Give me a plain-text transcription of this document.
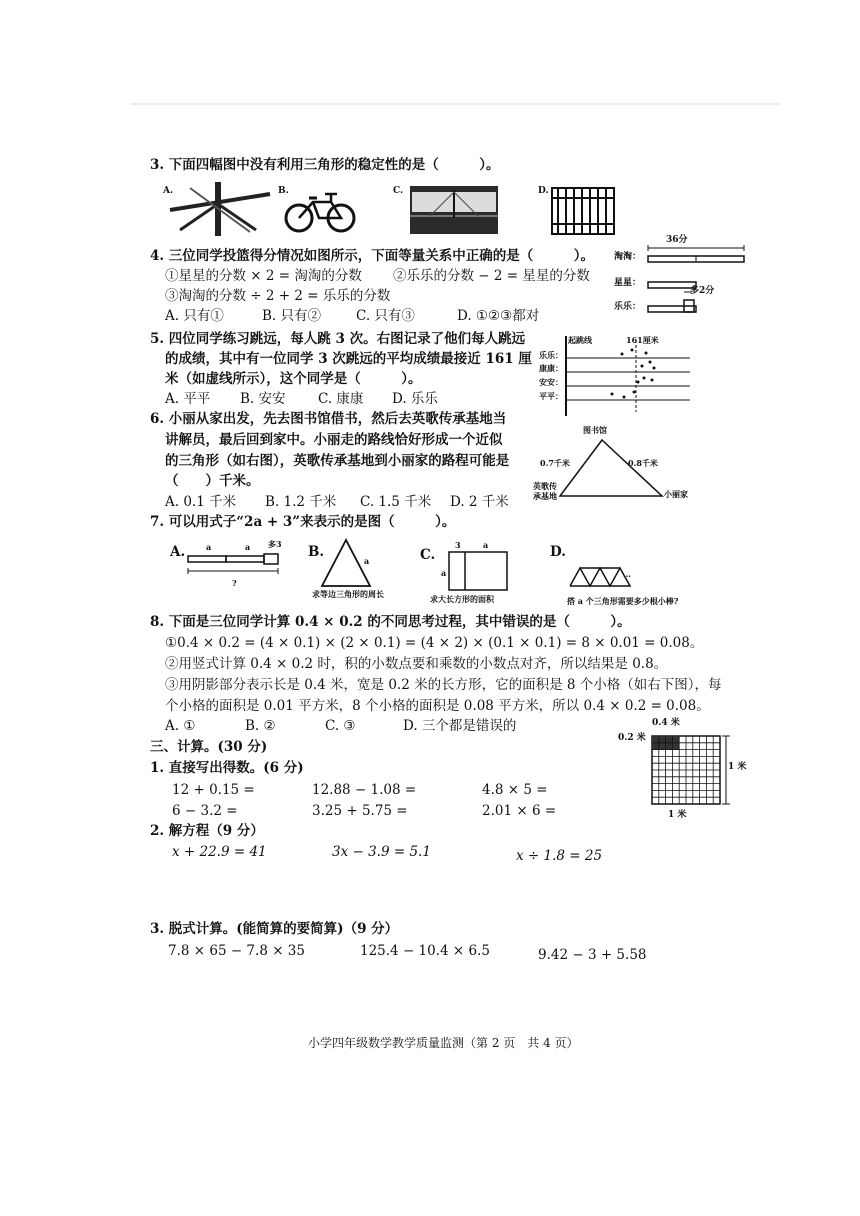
3. 下面四幅图中没有利用三角形的稳定性的是（　　　）。
A.	B.	C.	D.
4. 三位同学投篮得分情况如图所示，下面等量关系中正确的是（　　　）。
①星星的分数 × 2 = 淘淘的分数 ②乐乐的分数 − 2 = 星星的分数
③淘淘的分数 ÷ 2 + 2 = 乐乐的分数
A. 只有①	B. 只有②	C. 只有③	D. ①②③都对
36分
淘淘：
星星：
乐乐：
多2分
5. 四位同学练习跳远，每人跳 3 次。右图记录了他们每人跳远
的成绩，其中有一位同学 3 次跳远的平均成绩最接近 161 厘
米（如虚线所示），这个同学是（　　　）。
A. 平平 B. 安安 C. 康康 D. 乐乐
起跳线	161厘米
乐乐：
康康：
安安：
平平：
6. 小丽从家出发，先去图书馆借书，然后去英歌传承基地当
讲解员，最后回到家中。小丽走的路线恰好形成一个近似
的三角形（如右图），英歌传承基地到小丽家的路程可能是
（　　）千米。
A. 0.1 千米 B. 1.2 千米 C. 1.5 千米 D. 2 千米
图书馆
0.7千米	0.8千米
英歌传
承基地	小丽家
7. 可以用式子“2a + 3”来表示的是图（　　　）。
A.	B.	C.	D.
a	a 多3
?
a
求等边三角形的周长
3	a
a
求大长方形的面积
…
搭 a 个三角形需要多少根小棒?
8. 下面是三位同学计算 0.4 × 0.2 的不同思考过程，其中错误的是（　　　）。
①0.4 × 0.2 = (4 × 0.1) × (2 × 0.1) = (4 × 2) × (0.1 × 0.1) = 8 × 0.01 = 0.08。
②用竖式计算 0.4 × 0.2 时，积的小数点要和乘数的小数点对齐，所以结果是 0.8。
③用阴影部分表示长是 0.4 米，宽是 0.2 米的长方形，它的面积是 8 个小格（如右下图），每
个小格的面积是 0.01 平方米，8 个小格的面积是 0.08 平方米，所以 0.4 × 0.2 = 0.08。
A. ①	B. ②	C. ③	D. 三个都是错误的	0.4 米
0.2 米
1 米
1 米
三、计算。(30 分)
1. 直接写出得数。(6 分)
12 + 0.15 =	12.88 − 1.08 =	4.8 × 5 =
6 − 3.2 =	3.25 + 5.75 =	2.01 × 6 =
2. 解方程（9 分）
x + 22.9 = 41	3x − 3.9 = 5.1	x ÷ 1.8 = 25
3. 脱式计算。(能简算的要简算)（9 分）
7.8 × 65 − 7.8 × 35	125.4 − 10.4 × 6.5	9.42 − 3 + 5.58
小学四年级数学教学质量监测（第 2 页　共 4 页）
